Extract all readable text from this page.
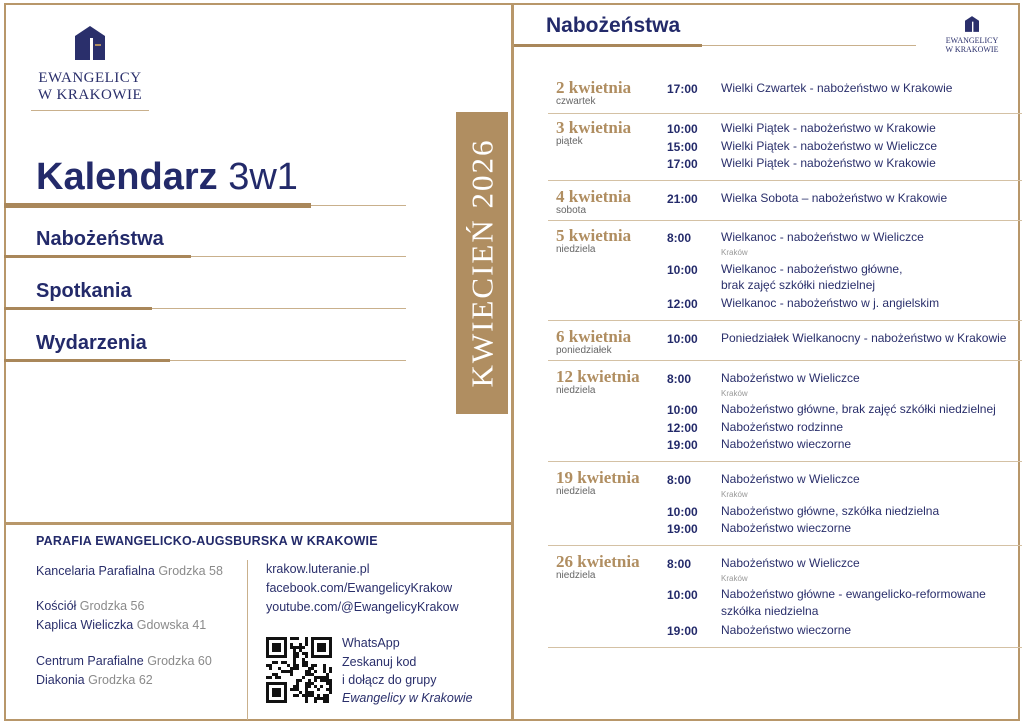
EWANGELICY
W KRAKOWIE
Kalendarz 3w1
Nabożeństwa
Spotkania
Wydarzenia	KWIECIEŃ 2026
PARAFIA EWANGELICKO-AUGSBURSKA W KRAKOWIE
Kancelaria Parafialna Grodzka 58
Kościół Grodzka 56
Kaplica Wieliczka Gdowska 41
Centrum Parafialne Grodzka 60
Diakonia Grodzka 62
krakow.luteranie.pl
facebook.com/EwangelicyKrakow
youtube.com/@EwangelicyKrakow
WhatsApp
Zeskanuj kod
i dołącz do grupy
Ewangelicy w Krakowie
Nabożeństwa
EWANGELICY
W KRAKOWIE
2 kwietnia
czwartek
17:00 Wielki Czwartek - nabożeństwo w Krakowie
3 kwietnia
piątek
10:00 Wielki Piątek - nabożeństwo w Krakowie
15:00 Wielki Piątek - nabożeństwo w Wieliczce
17:00 Wielki Piątek - nabożeństwo w Krakowie
4 kwietnia
sobota
21:00 Wielka Sobota – nabożeństwo w Krakowie
5 kwietnia
niedziela
8:00 Wielkanoc - nabożeństwo w Wieliczce
Kraków
10:00 Wielkanoc - nabożeństwo główne,
brak zajęć szkółki niedzielnej
12:00 Wielkanoc - nabożeństwo w j. angielskim
6 kwietnia
poniedziałek
10:00 Poniedziałek Wielkanocny - nabożeństwo w Krakowie
12 kwietnia
niedziela
8:00 Nabożeństwo w Wieliczce
Kraków
10:00 Nabożeństwo główne, brak zajęć szkółki niedzielnej
12:00 Nabożeństwo rodzinne
19:00 Nabożeństwo wieczorne
19 kwietnia
niedziela
8:00 Nabożeństwo w Wieliczce
Kraków
10:00 Nabożeństwo główne, szkółka niedzielna
19:00 Nabożeństwo wieczorne
26 kwietnia
niedziela
8:00 Nabożeństwo w Wieliczce
Kraków
10:00 Nabożeństwo główne - ewangelicko-reformowane
szkółka niedzielna
19:00 Nabożeństwo wieczorne
